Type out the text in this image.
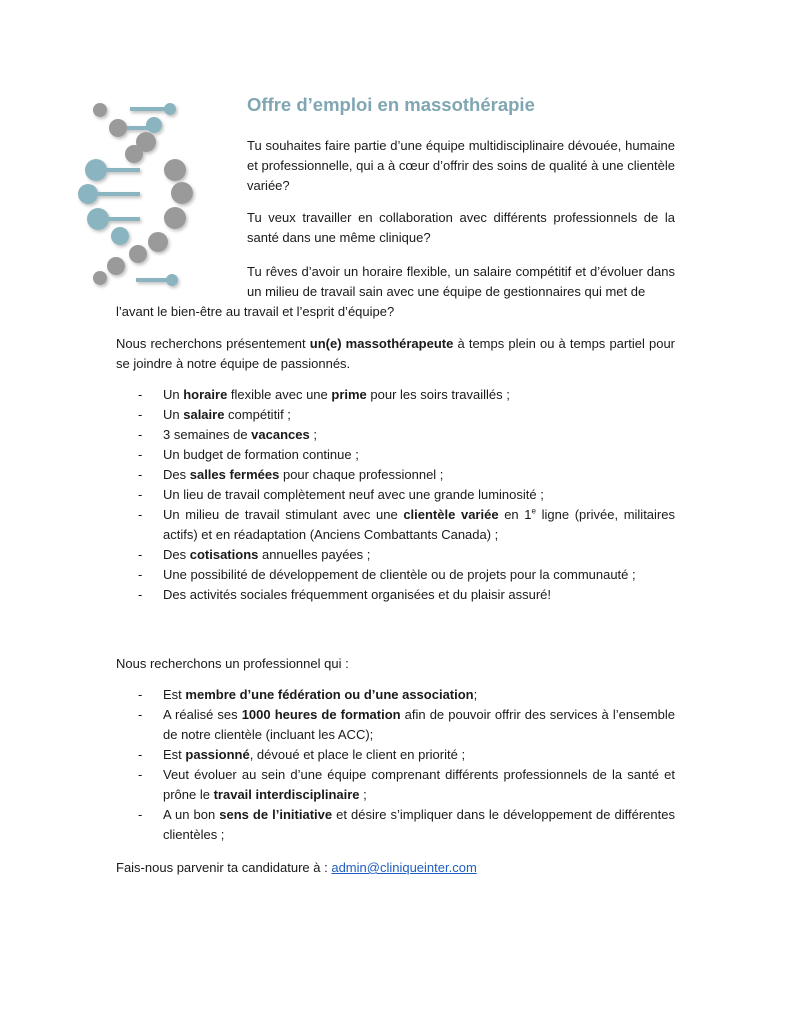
Offre d’emploi en massothérapie

Tu souhaites faire partie d’une équipe multidisciplinaire dévouée, humaine et professionnelle, qui a à cœur d’offrir des soins de qualité à une clientèle variée?

Tu veux travailler en collaboration avec différents professionnels de la santé dans une même clinique?

Tu rêves d’avoir un horaire flexible, un salaire compétitif et d’évoluer dans un milieu de travail sain avec une équipe de gestionnaires qui met de

l’avant le bien-être au travail et l’esprit d’équipe?

Nous recherchons présentement un(e) massothérapeute à temps plein ou à temps partiel pour se joindre à notre équipe de passionnés.

- Un horaire flexible avec une prime pour les soirs travaillés ;
- Un salaire compétitif ;
- 3 semaines de vacances ;
- Un budget de formation continue ;
- Des salles fermées pour chaque professionnel ;
- Un lieu de travail complètement neuf avec une grande luminosité ;
- Un milieu de travail stimulant avec une clientèle variée en 1e ligne (privée, militaires actifs) et en réadaptation (Anciens Combattants Canada) ;
- Des cotisations annuelles payées ;
- Une possibilité de développement de clientèle ou de projets pour la communauté ;
- Des activités sociales fréquemment organisées et du plaisir assuré!

Nous recherchons un professionnel qui :

- Est membre d’une fédération ou d’une association;
- A réalisé ses 1000 heures de formation afin de pouvoir offrir des services à l’ensemble de notre clientèle (incluant les ACC);
- Est passionné, dévoué et place le client en priorité ;
- Veut évoluer au sein d’une équipe comprenant différents professionnels de la santé et prône le travail interdisciplinaire ;
- A un bon sens de l’initiative et désire s’impliquer dans le développement de différentes clientèles ;

Fais-nous parvenir ta candidature à : admin@cliniqueinter.com
